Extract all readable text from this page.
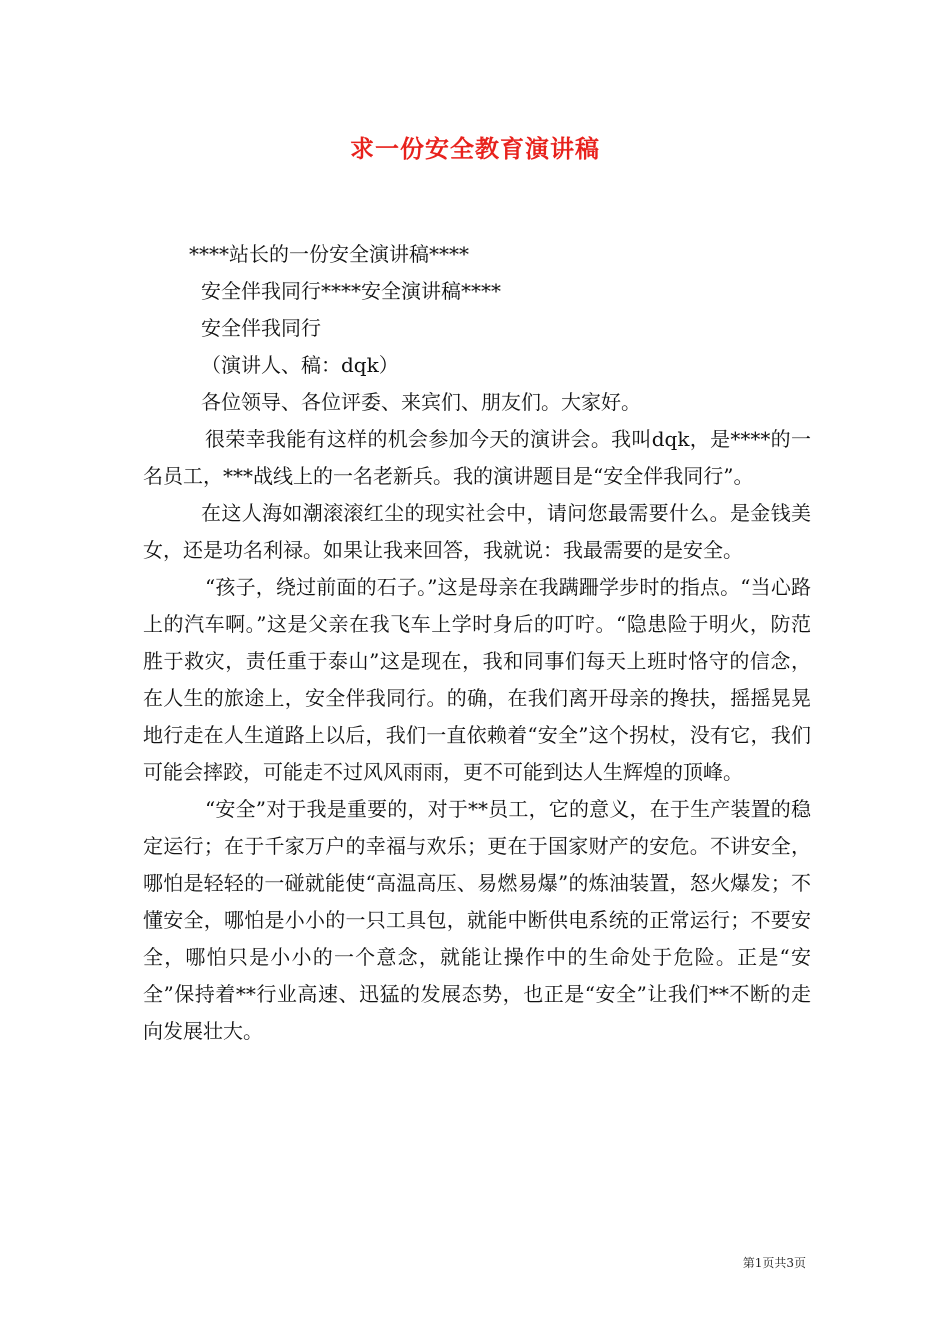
求一份安全教育演讲稿

****站长的一份安全演讲稿****

安全伴我同行****安全演讲稿****

安全伴我同行

（演讲人、稿：dqk）

各位领导、各位评委、来宾们、朋友们。大家好。

很荣幸我能有这样的机会参加今天的演讲会。我叫dqk，是****的一名员工，***战线上的一名老新兵。我的演讲题目是“安全伴我同行”。

在这人海如潮滚滚红尘的现实社会中，请问您最需要什么。是金钱美女，还是功名利禄。如果让我来回答，我就说：我最需要的是安全。

“孩子，绕过前面的石子。”这是母亲在我蹒跚学步时的指点。“当心路上的汽车啊。”这是父亲在我飞车上学时身后的叮咛。“隐患险于明火，防范胜于救灾，责任重于泰山”这是现在，我和同事们每天上班时恪守的信念，在人生的旅途上，安全伴我同行。的确，在我们离开母亲的搀扶，摇摇晃晃地行走在人生道路上以后，我们一直依赖着“安全”这个拐杖，没有它，我们可能会摔跤，可能走不过风风雨雨，更不可能到达人生辉煌的顶峰。

“安全”对于我是重要的，对于**员工，它的意义，在于生产装置的稳定运行；在于千家万户的幸福与欢乐；更在于国家财产的安危。不讲安全，哪怕是轻轻的一碰就能使“高温高压、易燃易爆”的炼油装置，怒火爆发；不懂安全，哪怕是小小的一只工具包，就能中断供电系统的正常运行；不要安全，哪怕只是小小的一个意念，就能让操作中的生命处于危险。正是“安全”保持着**行业高速、迅猛的发展态势，也正是“安全”让我们**不断的走向发展壮大。

第1页共3页
